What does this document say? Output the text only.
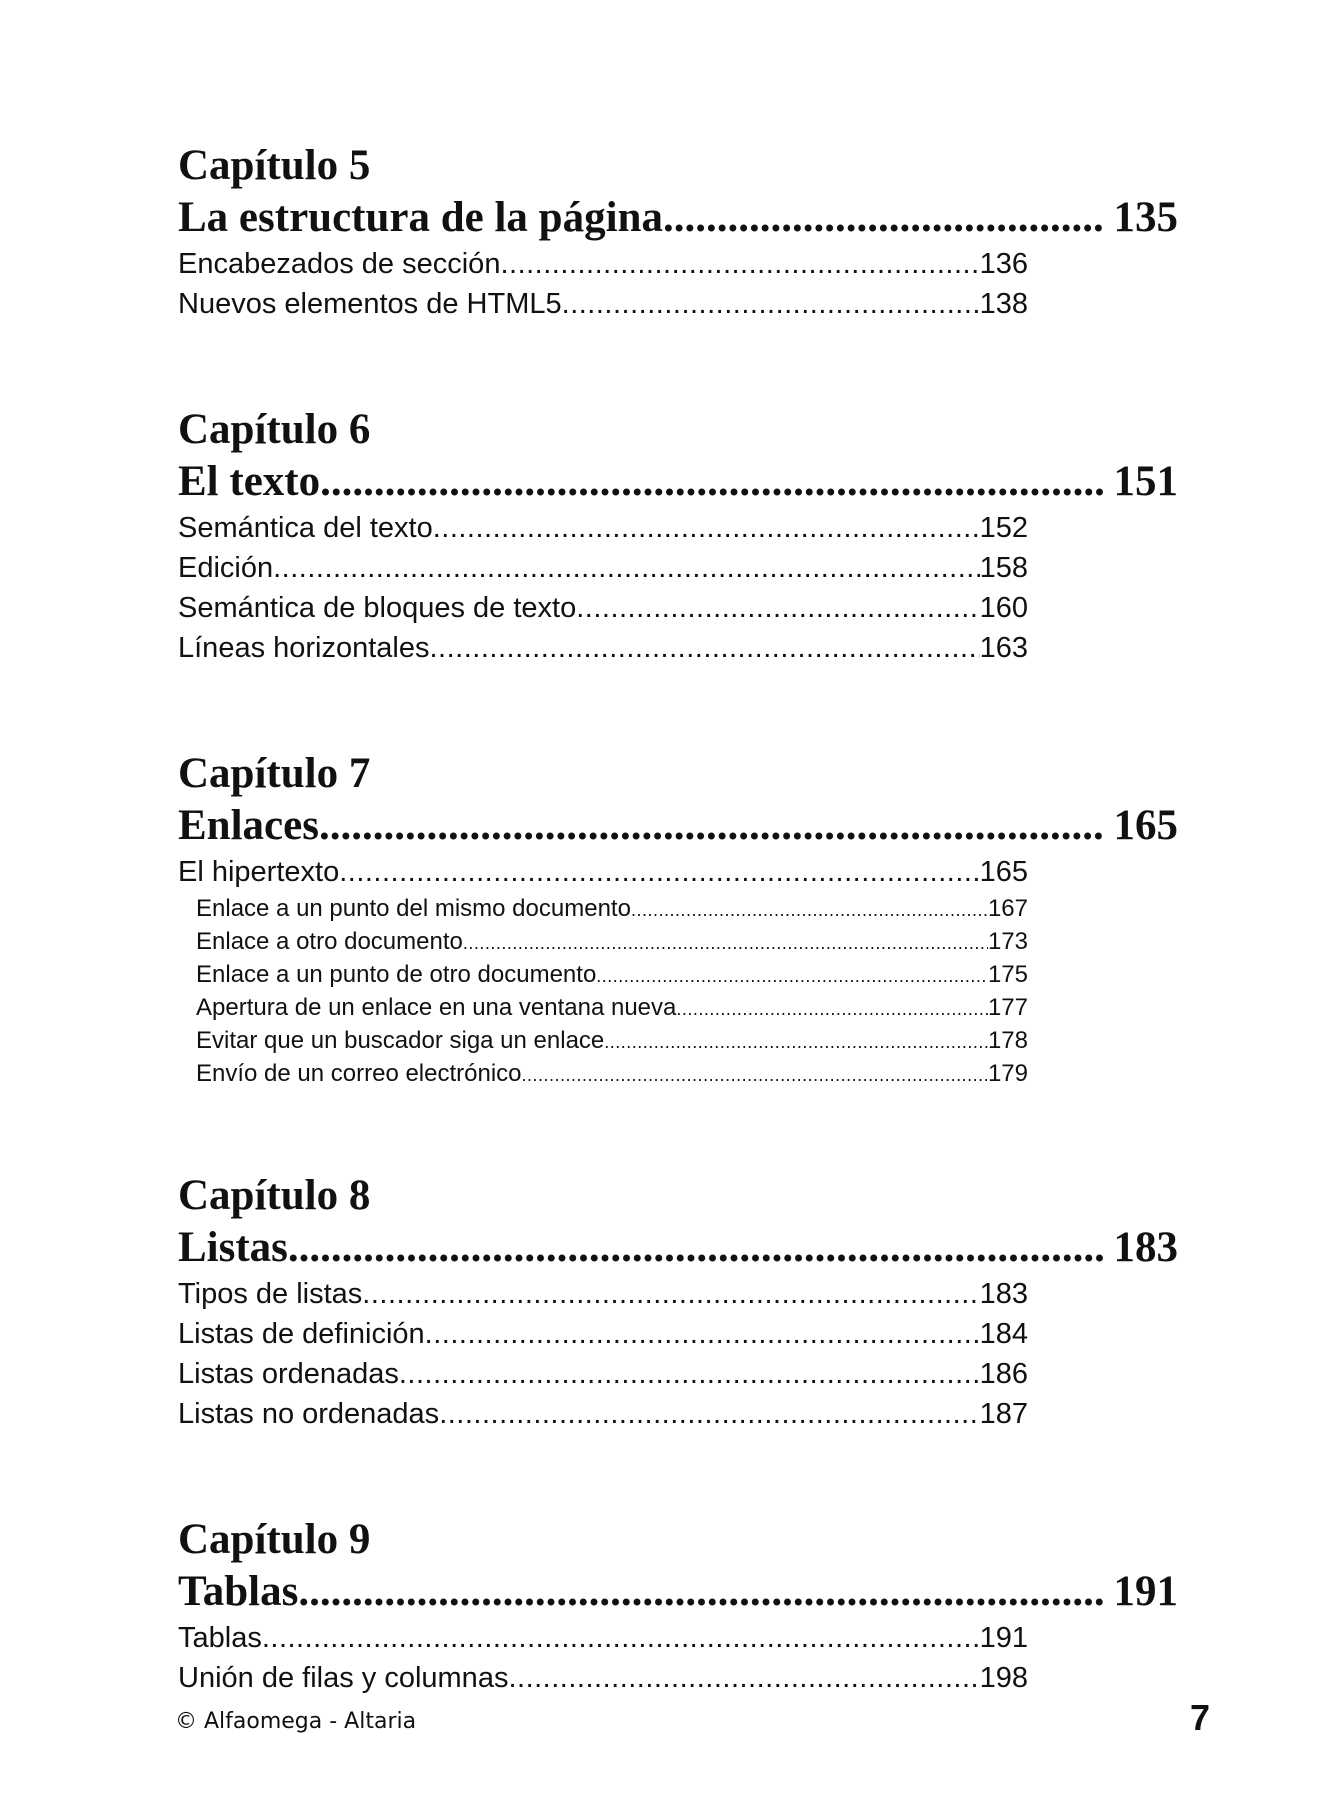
Capítulo 5
La estructura de la página .....	135
Encabezados de sección .....	136
Nuevos elementos de HTML5 .....	138
Capítulo 6
El texto .....	151
Semántica del texto .....	152
Edición .....	158
Semántica de bloques de texto .....	160
Líneas horizontales .....	163
Capítulo 7
Enlaces .....	165
El hipertexto .....	165
Enlace a un punto del mismo documento .....	167
Enlace a otro documento .....	173
Enlace a un punto de otro documento .....	175
Apertura de un enlace en una ventana nueva .....	177
Evitar que un buscador siga un enlace .....	178
Envío de un correo electrónico .....	179
Capítulo 8
Listas .....	183
Tipos de listas .....	183
Listas de definición .....	184
Listas ordenadas .....	186
Listas no ordenadas .....	187
Capítulo 9
Tablas .....	191
Tablas .....	191
Unión de filas y columnas .....	198
© Alfaomega - Altaria	7
